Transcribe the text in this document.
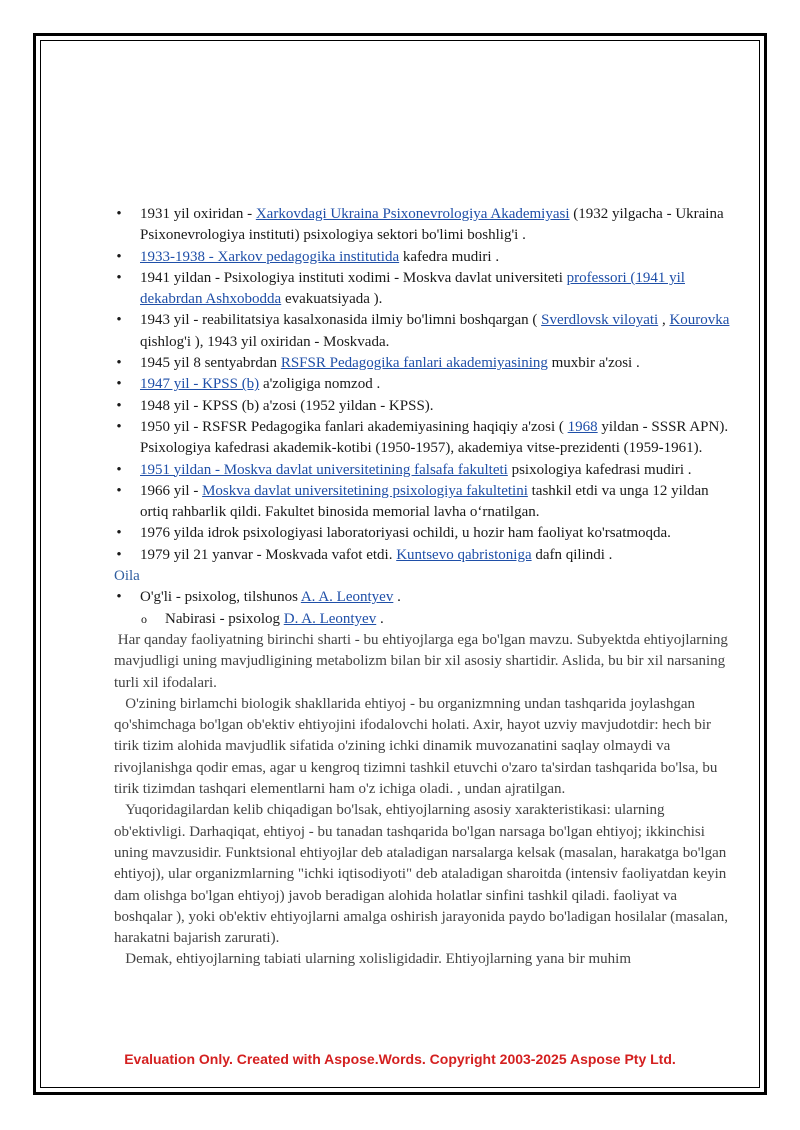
• 1931 yil oxiridan - Xarkovdagi Ukraina Psixonevrologiya Akademiyasi (1932 yilgacha - Ukraina Psixonevrologiya instituti) psixologiya sektori bo'limi boshlig'i .
• 1933-1938 - Xarkov pedagogika institutida kafedra mudiri .
• 1941 yildan - Psixologiya instituti xodimi - Moskva davlat universiteti professori (1941 yil dekabrdan Ashxobodda evakuatsiyada ).
• 1943 yil - reabilitatsiya kasalxonasida ilmiy bo'limni boshqargan ( Sverdlovsk viloyati , Kourovka qishlog'i ), 1943 yil oxiridan - Moskvada.
• 1945 yil 8 sentyabrdan RSFSR Pedagogika fanlari akademiyasining muxbir a'zosi .
• 1947 yil - KPSS (b) a'zoligiga nomzod .
• 1948 yil - KPSS (b) a'zosi (1952 yildan - KPSS).
• 1950 yil - RSFSR Pedagogika fanlari akademiyasining haqiqiy a'zosi ( 1968 yildan - SSSR APN). Psixologiya kafedrasi akademik-kotibi (1950-1957), akademiya vitse-prezidenti (1959-1961).
• 1951 yildan - Moskva davlat universitetining falsafa fakulteti psixologiya kafedrasi mudiri .
• 1966 yil - Moskva davlat universitetining psixologiya fakultetini tashkil etdi va unga 12 yildan ortiq rahbarlik qildi. Fakultet binosida memorial lavha o‘rnatilgan.
• 1976 yilda idrok psixologiyasi laboratoriyasi ochildi, u hozir ham faoliyat ko'rsatmoqda.
• 1979 yil 21 yanvar - Moskvada vafot etdi. Kuntsevo qabristoniga dafn qilindi .
Oila
• O'g'li - psixolog, tilshunos A. A. Leontyev .
o Nabirasi - psixolog D. A. Leontyev .

Har qanday faoliyatning birinchi sharti - bu ehtiyojlarga ega bo'lgan mavzu. Subyektda ehtiyojlarning mavjudligi uning mavjudligining metabolizm bilan bir xil asosiy shartidir. Aslida, bu bir xil narsaning turli xil ifodalari.

O'zining birlamchi biologik shakllarida ehtiyoj - bu organizmning undan tashqarida joylashgan qo'shimchaga bo'lgan ob'ektiv ehtiyojini ifodalovchi holati. Axir, hayot uzviy mavjudotdir: hech bir tirik tizim alohida mavjudlik sifatida o'zining ichki dinamik muvozanatini saqlay olmaydi va rivojlanishga qodir emas, agar u kengroq tizimni tashkil etuvchi o'zaro ta'sirdan tashqarida bo'lsa, bu tirik tizimdan tashqari elementlarni ham o'z ichiga oladi. , undan ajratilgan.

Yuqoridagilardan kelib chiqadigan bo'lsak, ehtiyojlarning asosiy xarakteristikasi: ularning ob'ektivligi. Darhaqiqat, ehtiyoj - bu tanadan tashqarida bo'lgan narsaga bo'lgan ehtiyoj; ikkinchisi uning mavzusidir. Funktsional ehtiyojlar deb ataladigan narsalarga kelsak (masalan, harakatga bo'lgan ehtiyoj), ular organizmlarning "ichki iqtisodiyoti" deb ataladigan sharoitda (intensiv faoliyatdan keyin dam olishga bo'lgan ehtiyoj) javob beradigan alohida holatlar sinfini tashkil qiladi. faoliyat va boshqalar ), yoki ob'ektiv ehtiyojlarni amalga oshirish jarayonida paydo bo'ladigan hosilalar (masalan, harakatni bajarish zarurati).

Demak, ehtiyojlarning tabiati ularning xolisligidadir. Ehtiyojlarning yana bir muhim

Evaluation Only. Created with Aspose.Words. Copyright 2003-2025 Aspose Pty Ltd.
